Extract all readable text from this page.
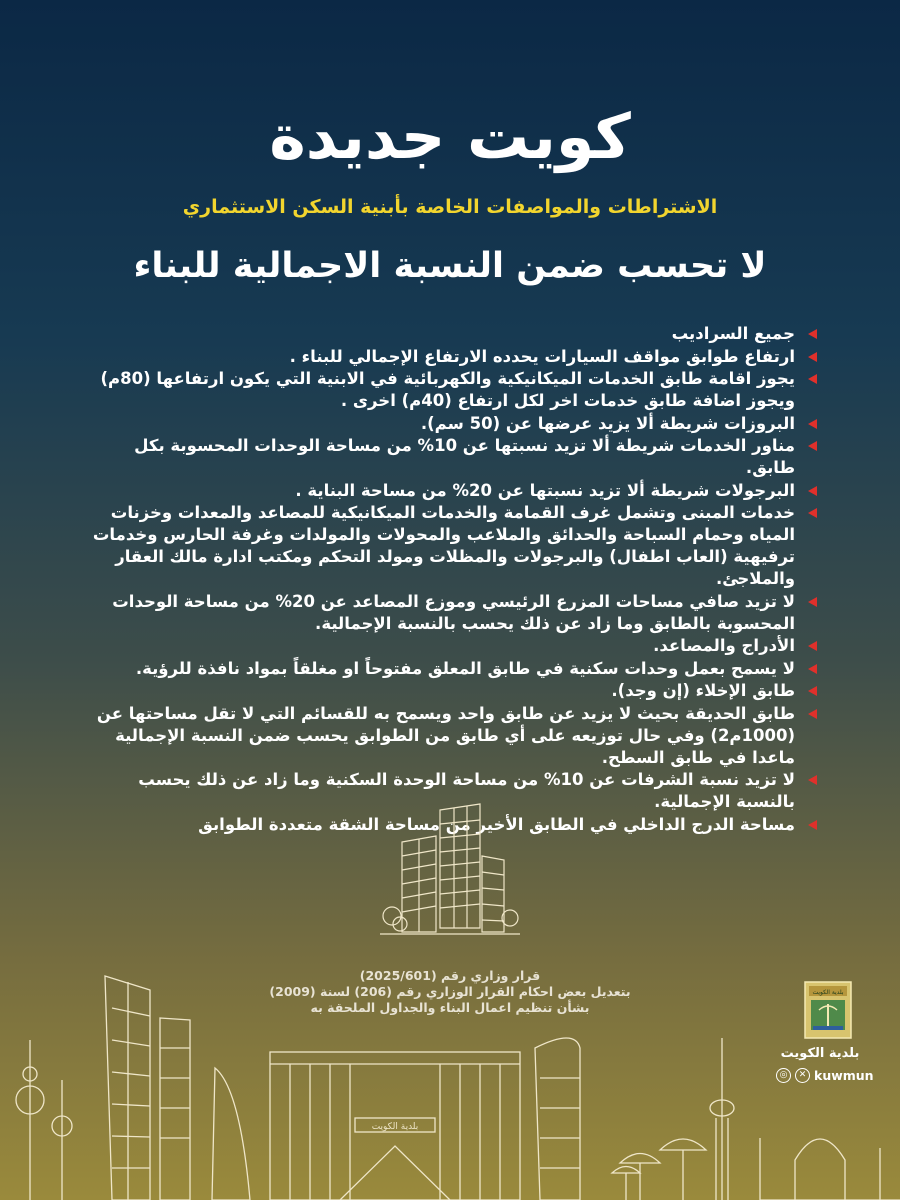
كويت جديدة
الاشتراطات والمواصفات الخاصة بأبنية السكن الاستثماري
لا تحسب ضمن النسبة الاجمالية للبناء
جميع السراديب
ارتفاع طوابق مواقف السيارات يحدده الارتفاع الإجمالي للبناء .
يجوز اقامة طابق الخدمات الميكانيكية والكهربائية في الابنية التي يكون ارتفاعها (80م) ويجوز اضافة طابق خدمات اخر لكل ارتفاع (40م) اخرى .
البروزات شريطة ألا يزيد عرضها عن (50 سم).
مناور الخدمات شريطة ألا تزيد نسبتها عن 10% من مساحة الوحدات المحسوبة بكل طابق.
البرجولات شريطة ألا تزيد نسبتها عن 20% من مساحة البناية .
خدمات المبنى وتشمل غرف القمامة والخدمات الميكانيكية للمصاعد والمعدات وخزنات المياه وحمام السباحة والحدائق والملاعب والمحولات والمولدات وغرفة الحارس وخدمات ترفيهية (العاب اطفال) والبرجولات والمظلات ومولد التحكم ومكتب ادارة مالك العقار والملاجئ.
لا تزيد صافي مساحات المزرع الرئيسي وموزع المصاعد عن 20% من مساحة الوحدات المحسوبة بالطابق وما زاد عن ذلك يحسب بالنسبة الإجمالية.
الأدراج والمصاعد.
لا يسمح بعمل وحدات سكنية في طابق المعلق مفتوحاً او مغلقاً بمواد نافذة للرؤية.
طابق الإخلاء (إن وجد).
طابق الحديقة بحيث لا يزيد عن طابق واحد ويسمح به للقسائم التي لا تقل مساحتها عن (1000م2) وفي حال توزيعه على أي طابق من الطوابق يحسب ضمن النسبة الإجمالية ماعدا في طابق السطح.
لا تزيد نسبة الشرفات عن 10% من مساحة الوحدة السكنية وما زاد عن ذلك يحسب بالنسبة الإجمالية.
مساحة الدرج الداخلي في الطابق الأخير من مساحة الشقة متعددة الطوابق
قرار وزاري رقم (2025/601)
بتعديل بعض احكام القرار الوزاري رقم (206) لسنة (2009)
بشأن تنظيم اعمال البناء والجداول الملحقة به
بلدية الكويت
بلدية الكويت
بلدية الكويت
◎	✕ kuwmun
